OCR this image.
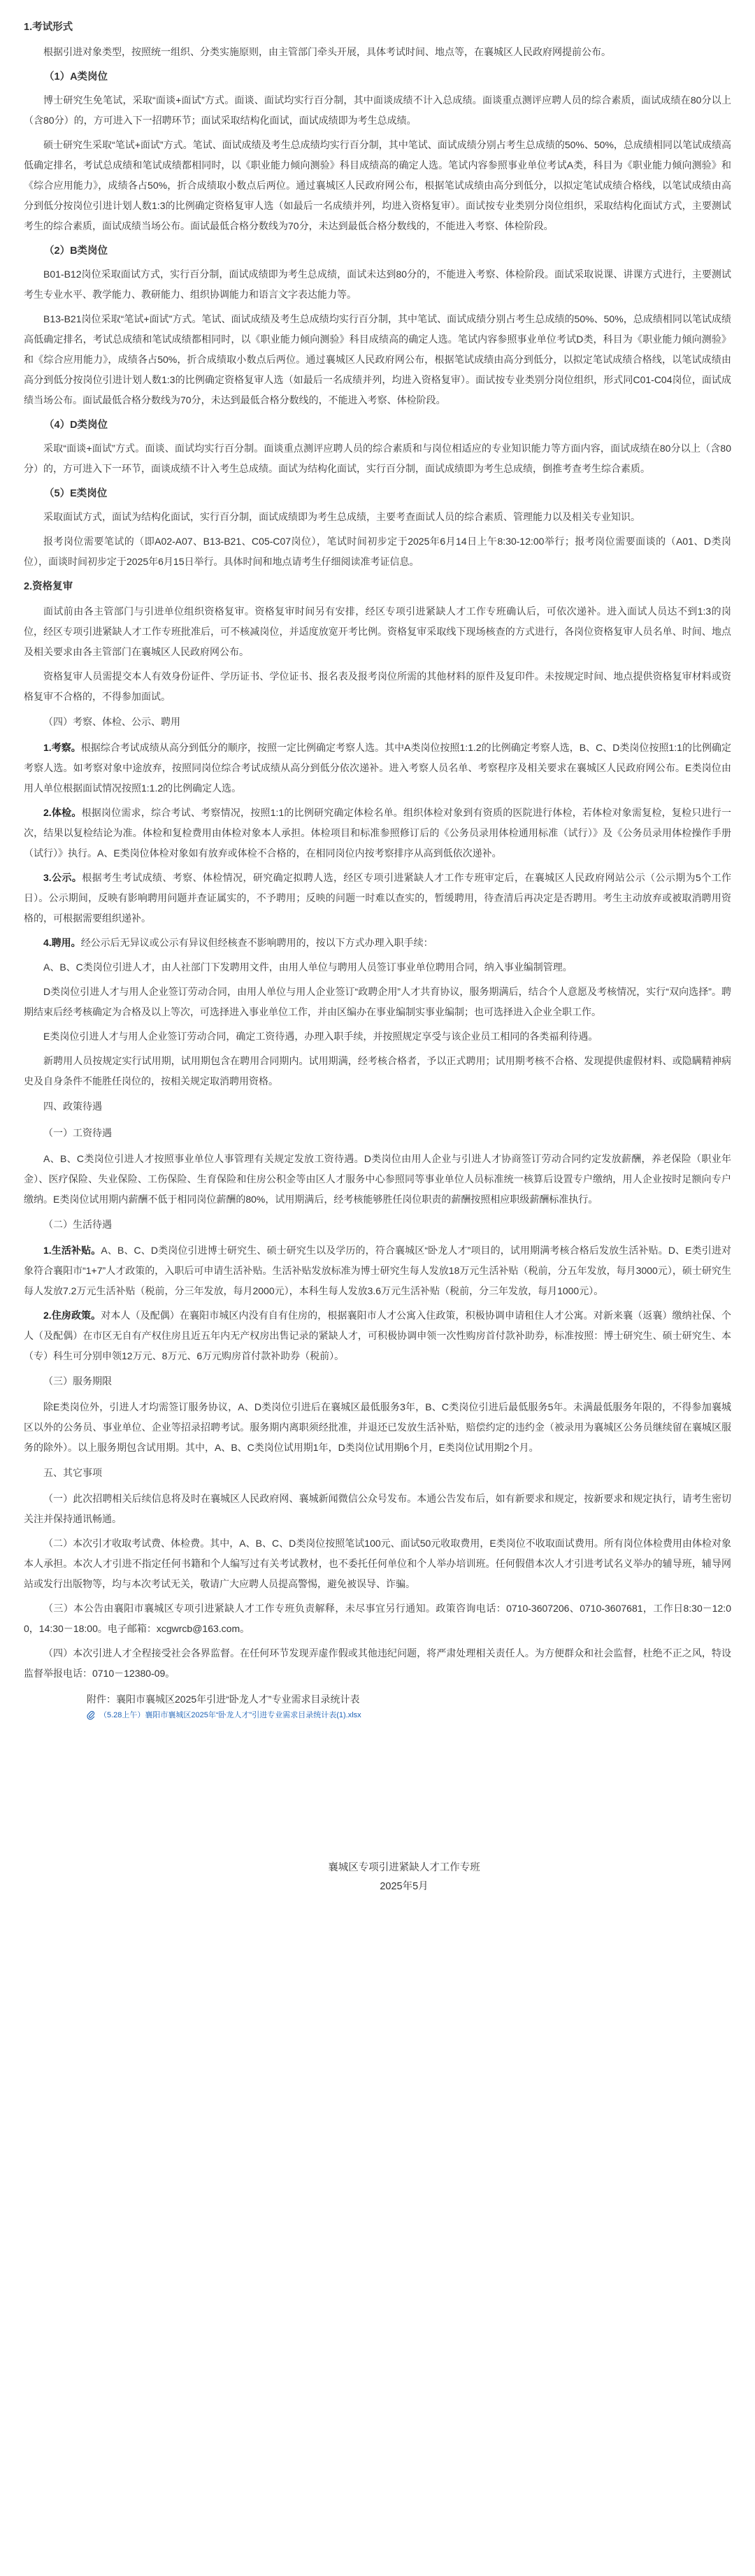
1.考试形式
根据引进对象类型，按照统一组织、分类实施原则，由主管部门牵头开展，具体考试时间、地点等，在襄城区人民政府网提前公布。
（1）A类岗位
博士研究生免笔试，采取“面谈+面试”方式。面谈、面试均实行百分制，其中面谈成绩不计入总成绩。面谈重点测评应聘人员的综合素质，面试成绩在80分以上（含80分）的，方可进入下一招聘环节；面试采取结构化面试，面试成绩即为考生总成绩。
硕士研究生采取“笔试+面试”方式。笔试、面试成绩及考生总成绩均实行百分制，其中笔试、面试成绩分别占考生总成绩的50%、50%，总成绩相同以笔试成绩高低确定排名，考试总成绩和笔试成绩都相同时，以《职业能力倾向测验》科目成绩高的确定人选。笔试内容参照事业单位考试A类，科目为《职业能力倾向测验》和《综合应用能力》，成绩各占50%，折合成绩取小数点后两位。通过襄城区人民政府网公布，根据笔试成绩由高分到低分，以拟定笔试成绩合格线，以笔试成绩由高分到低分按岗位引进计划人数1:3的比例确定资格复审人选（如最后一名成绩并列，均进入资格复审）。面试按专业类别分岗位组织，采取结构化面试方式，主要测试考生的综合素质，面试成绩当场公布。面试最低合格分数线为70分，未达到最低合格分数线的，不能进入考察、体检阶段。
（2）B类岗位
B01-B12岗位采取面试方式，实行百分制，面试成绩即为考生总成绩，面试未达到80分的，不能进入考察、体检阶段。面试采取说课、讲课方式进行，主要测试考生专业水平、教学能力、教研能力、组织协调能力和语言文字表达能力等。
B13-B21岗位采取“笔试+面试”方式。笔试、面试成绩及考生总成绩均实行百分制，其中笔试、面试成绩分别占考生总成绩的50%、50%，总成绩相同以笔试成绩高低确定排名，考试总成绩和笔试成绩都相同时，以《职业能力倾向测验》科目成绩高的确定人选。笔试内容参照事业单位考试D类，科目为《职业能力倾向测验》和《综合应用能力》，成绩各占50%，折合成绩取小数点后两位。通过襄城区人民政府网公布，根据笔试成绩由高分到低分，以拟定笔试成绩合格线，以笔试成绩由高分到低分按岗位引进计划人数1:3的比例确定资格复审人选（如最后一名成绩并列，均进入资格复审）。面试按专业类别分岗位组织，形式同C01-C04岗位，面试成绩当场公布。面试最低合格分数线为70分，未达到最低合格分数线的，不能进入考察、体检阶段。
（4）D类岗位
采取“面谈+面试”方式。面谈、面试均实行百分制。面谈重点测评应聘人员的综合素质和与岗位相适应的专业知识能力等方面内容，面试成绩在80分以上（含80分）的，方可进入下一环节，面谈成绩不计入考生总成绩。面试为结构化面试，实行百分制，面试成绩即为考生总成绩，倒推考查考生综合素质。
（5）E类岗位
采取面试方式，面试为结构化面试，实行百分制，面试成绩即为考生总成绩，主要考查面试人员的综合素质、管理能力以及相关专业知识。
报考岗位需要笔试的（即A02-A07、B13-B21、C05-C07岗位），笔试时间初步定于2025年6月14日上午8:30-12:00举行；报考岗位需要面谈的（A01、D类岗位），面谈时间初步定于2025年6月15日举行。具体时间和地点请考生仔细阅读准考证信息。
2.资格复审
面试前由各主管部门与引进单位组织资格复审。资格复审时间另有安排，经区专项引进紧缺人才工作专班确认后，可依次递补。进入面试人员达不到1:3的岗位，经区专项引进紧缺人才工作专班批准后，可不核减岗位，并适度放宽开考比例。资格复审采取线下现场核查的方式进行，各岗位资格复审人员名单、时间、地点及相关要求由各主管部门在襄城区人民政府网公布。
资格复审人员需提交本人有效身份证件、学历证书、学位证书、报名表及报考岗位所需的其他材料的原件及复印件。未按规定时间、地点提供资格复审材料或资格复审不合格的，不得参加面试。
（四）考察、体检、公示、聘用
1.考察。根据综合考试成绩从高分到低分的顺序，按照一定比例确定考察人选。其中A类岗位按照1:1.2的比例确定考察人选，B、C、D类岗位按照1:1的比例确定考察人选。如考察对象中途放弃，按照同岗位综合考试成绩从高分到低分依次递补。进入考察人员名单、考察程序及相关要求在襄城区人民政府网公布。E类岗位由用人单位根据面试情况按照1:1.2的比例确定人选。
2.体检。根据岗位需求，综合考试、考察情况，按照1:1的比例研究确定体检名单。组织体检对象到有资质的医院进行体检，若体检对象需复检，复检只进行一次，结果以复检结论为准。体检和复检费用由体检对象本人承担。体检项目和标准参照修订后的《公务员录用体检通用标准（试行）》及《公务员录用体检操作手册（试行）》执行。A、E类岗位体检对象如有放弃或体检不合格的，在相同岗位内按考察排序从高到低依次递补。
3.公示。根据考生考试成绩、考察、体检情况，研究确定拟聘人选，经区专项引进紧缺人才工作专班审定后，在襄城区人民政府网站公示（公示期为5个工作日）。公示期间，反映有影响聘用问题并查证属实的，不予聘用；反映的问题一时难以查实的，暂缓聘用，待查清后再决定是否聘用。考生主动放弃或被取消聘用资格的，可根据需要组织递补。
4.聘用。经公示后无异议或公示有异议但经核查不影响聘用的，按以下方式办理入职手续：
A、B、C类岗位引进人才，由人社部门下发聘用文件，由用人单位与聘用人员签订事业单位聘用合同，纳入事业编制管理。
D类岗位引进人才与用人企业签订劳动合同，由用人单位与用人企业签订“政聘企用”人才共育协议，服务期满后，结合个人意愿及考核情况，实行“双向选择”。聘期结束后经考核确定为合格及以上等次，可选择进入事业单位工作，并由区编办在事业编制实事业编制；也可选择进入企业全职工作。
E类岗位引进人才与用人企业签订劳动合同，确定工资待遇，办理入职手续，并按照规定享受与该企业员工相同的各类福利待遇。
新聘用人员按规定实行试用期，试用期包含在聘用合同期内。试用期满，经考核合格者，予以正式聘用；试用期考核不合格、发现提供虚假材料、或隐瞒精神病史及自身条件不能胜任岗位的，按相关规定取消聘用资格。
四、政策待遇
（一）工资待遇
A、B、C类岗位引进人才按照事业单位人事管理有关规定发放工资待遇。D类岗位由用人企业与引进人才协商签订劳动合同约定发放薪酬，养老保险（职业年金）、医疗保险、失业保险、工伤保险、生育保险和住房公积金等由区人才服务中心参照同等事业单位人员标准统一核算后设置专户缴纳，用人企业按时足额向专户缴纳。E类岗位试用期内薪酬不低于相同岗位薪酬的80%，试用期满后，经考核能够胜任岗位职责的薪酬按照相应职级薪酬标准执行。
（二）生活待遇
1.生活补贴。A、B、C、D类岗位引进博士研究生、硕士研究生以及学历的，符合襄城区“卧龙人才”项目的，试用期满考核合格后发放生活补贴。D、E类引进对象符合襄阳市“1+7”人才政策的，入职后可申请生活补贴。生活补贴发放标准为博士研究生每人发放18万元生活补贴（税前，分五年发放，每月3000元），硕士研究生每人发放7.2万元生活补贴（税前，分三年发放，每月2000元），本科生每人发放3.6万元生活补贴（税前，分三年发放，每月1000元）。
2.住房政策。对本人（及配偶）在襄阳市城区内没有自有住房的，根据襄阳市人才公寓入住政策，积极协调申请租住人才公寓。对新来襄（返襄）缴纳社保、个人（及配偶）在市区无自有产权住房且近五年内无产权房出售记录的紧缺人才，可积极协调申领一次性购房首付款补助券，标准按照：博士研究生、硕士研究生、本（专）科生可分别申领12万元、8万元、6万元购房首付款补助券（税前）。
（三）服务期限
除E类岗位外，引进人才均需签订服务协议，A、D类岗位引进后在襄城区最低服务3年，B、C类岗位引进后最低服务5年。未满最低服务年限的，不得参加襄城区以外的公务员、事业单位、企业等招录招聘考试。服务期内离职须经批准，并退还已发放生活补贴，赔偿约定的违约金（被录用为襄城区公务员继续留在襄城区服务的除外）。以上服务期包含试用期。其中，A、B、C类岗位试用期1年，D类岗位试用期6个月，E类岗位试用期2个月。
五、其它事项
（一）此次招聘相关后续信息将及时在襄城区人民政府网、襄城新闻微信公众号发布。本通公告发布后，如有新要求和规定，按新要求和规定执行，请考生密切关注并保持通讯畅通。
（二）本次引才收取考试费、体检费。其中，A、B、C、D类岗位按照笔试100元、面试50元收取费用，E类岗位不收取面试费用。所有岗位体检费用由体检对象本人承担。本次人才引进不指定任何书籍和个人编写过有关考试教材，也不委托任何单位和个人举办培训班。任何假借本次人才引进考试名义举办的辅导班，辅导网站或发行出版物等，均与本次考试无关，敬请广大应聘人员提高警惕，避免被误导、诈骗。
（三）本公告由襄阳市襄城区专项引进紧缺人才工作专班负责解释，未尽事宜另行通知。政策咨询电话：0710-3607206、0710-3607681，工作日8:30－12:00，14:30－18:00。电子邮箱：xcgwrcb@163.com。
（四）本次引进人才全程接受社会各界监督。在任何环节发现弄虚作假或其他违纪问题，将严肃处理相关责任人。为方便群众和社会监督，杜绝不正之风，特设监督举报电话：0710－12380-09。
附件：襄阳市襄城区2025年引进“卧龙人才”专业需求目录统计表
（5.28上午）襄阳市襄城区2025年“卧龙人才”引进专业需求目录统计表(1).xlsx
襄城区专项引进紧缺人才工作专班
2025年5月
